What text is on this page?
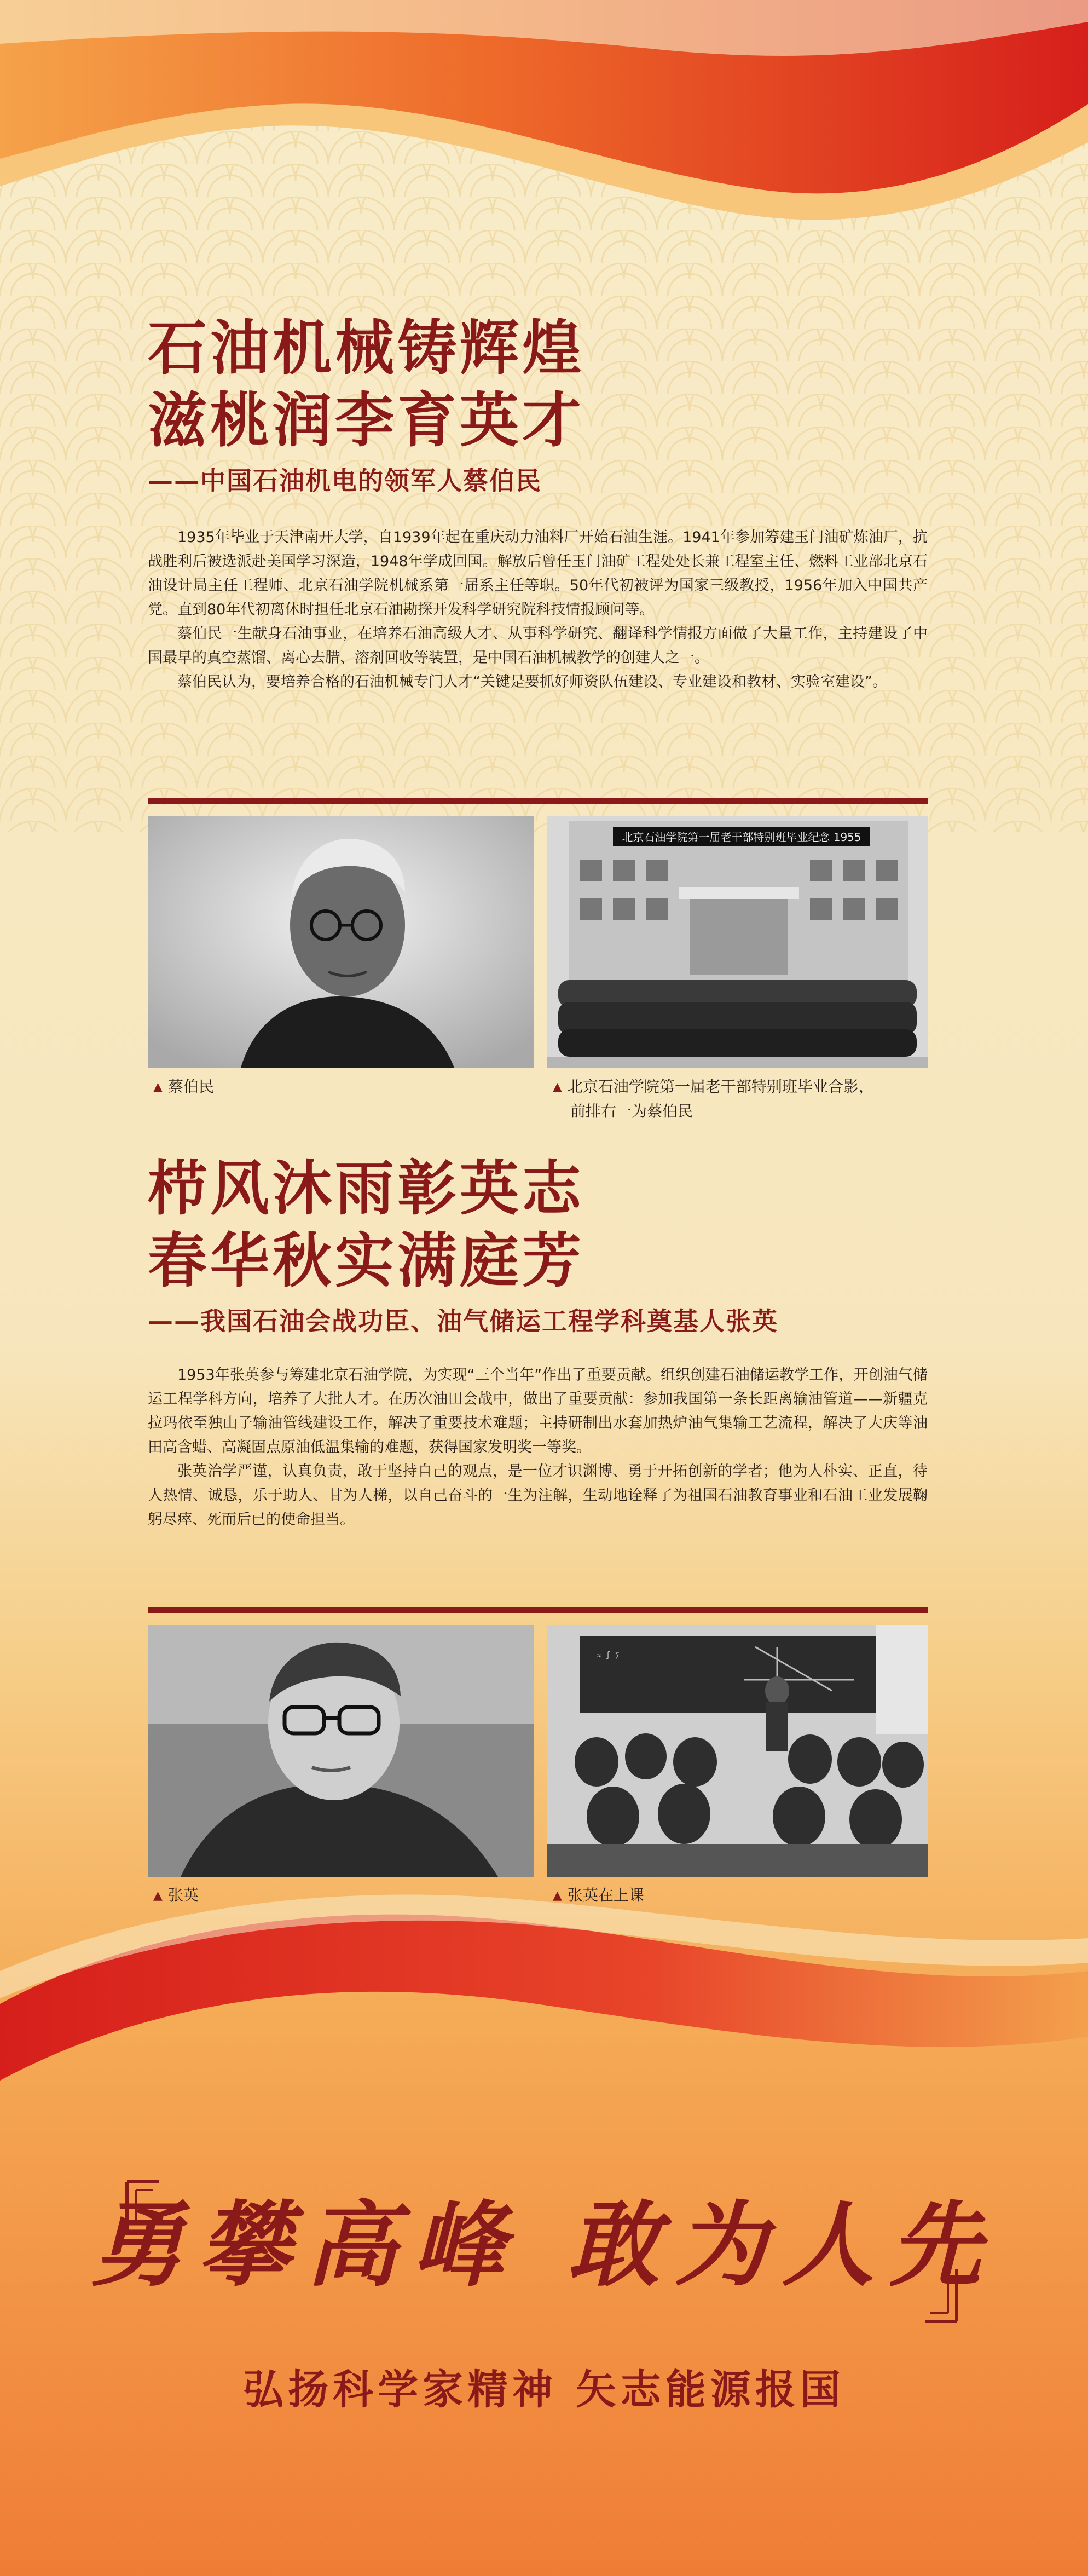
石油机械铸辉煌
滋桃润李育英才

——中国石油机电的领军人蔡伯民

1935年毕业于天津南开大学，自1939年起在重庆动力油料厂开始石油生涯。1941年参加筹建玉门油矿炼油厂，抗战胜利后被选派赴美国学习深造，1948年学成回国。解放后曾任玉门油矿工程处处长兼工程室主任、燃料工业部北京石油设计局主任工程师、北京石油学院机械系第一届系主任等职。50年代初被评为国家三级教授，1956年加入中国共产党。直到80年代初离休时担任北京石油勘探开发科学研究院科技情报顾问等。

蔡伯民一生献身石油事业，在培养石油高级人才、从事科学研究、翻译科学情报方面做了大量工作，主持建设了中国最早的真空蒸馏、离心去腊、溶剂回收等装置，是中国石油机械教学的创建人之一。

蔡伯民认为，要培养合格的石油机械专门人才“关键是要抓好师资队伍建设、专业建设和教材、实验室建设”。

北京石油学院第一届老干部特别班毕业纪念 1955
▲ 蔡伯民	▲ 北京石油学院第一届老干部特别班毕业合影，
前排右一为蔡伯民
栉风沐雨彰英志
春华秋实满庭芳

——我国石油会战功臣、油气储运工程学科奠基人张英

1953年张英参与筹建北京石油学院，为实现“三个当年”作出了重要贡献。组织创建石油储运教学工作，开创油气储运工程学科方向，培养了大批人才。在历次油田会战中，做出了重要贡献：参加我国第一条长距离输油管道——新疆克拉玛依至独山子输油管线建设工作，解决了重要技术难题；主持研制出水套加热炉油气集输工艺流程，解决了大庆等油田高含蜡、高凝固点原油低温集输的难题，获得国家发明奖一等奖。

张英治学严谨，认真负责，敢于坚持自己的观点，是一位才识渊博、勇于开拓创新的学者；他为人朴实、正直，待人热情、诚恳，乐于助人、甘为人梯，以自己奋斗的一生为注解，生动地诠释了为祖国石油教育事业和石油工业发展鞠躬尽瘁、死而后已的使命担当。

≈ ∫ ∑
▲ 张英	▲ 张英在上课
勇攀高峰 敢为人先
弘扬科学家精神 矢志能源报国
